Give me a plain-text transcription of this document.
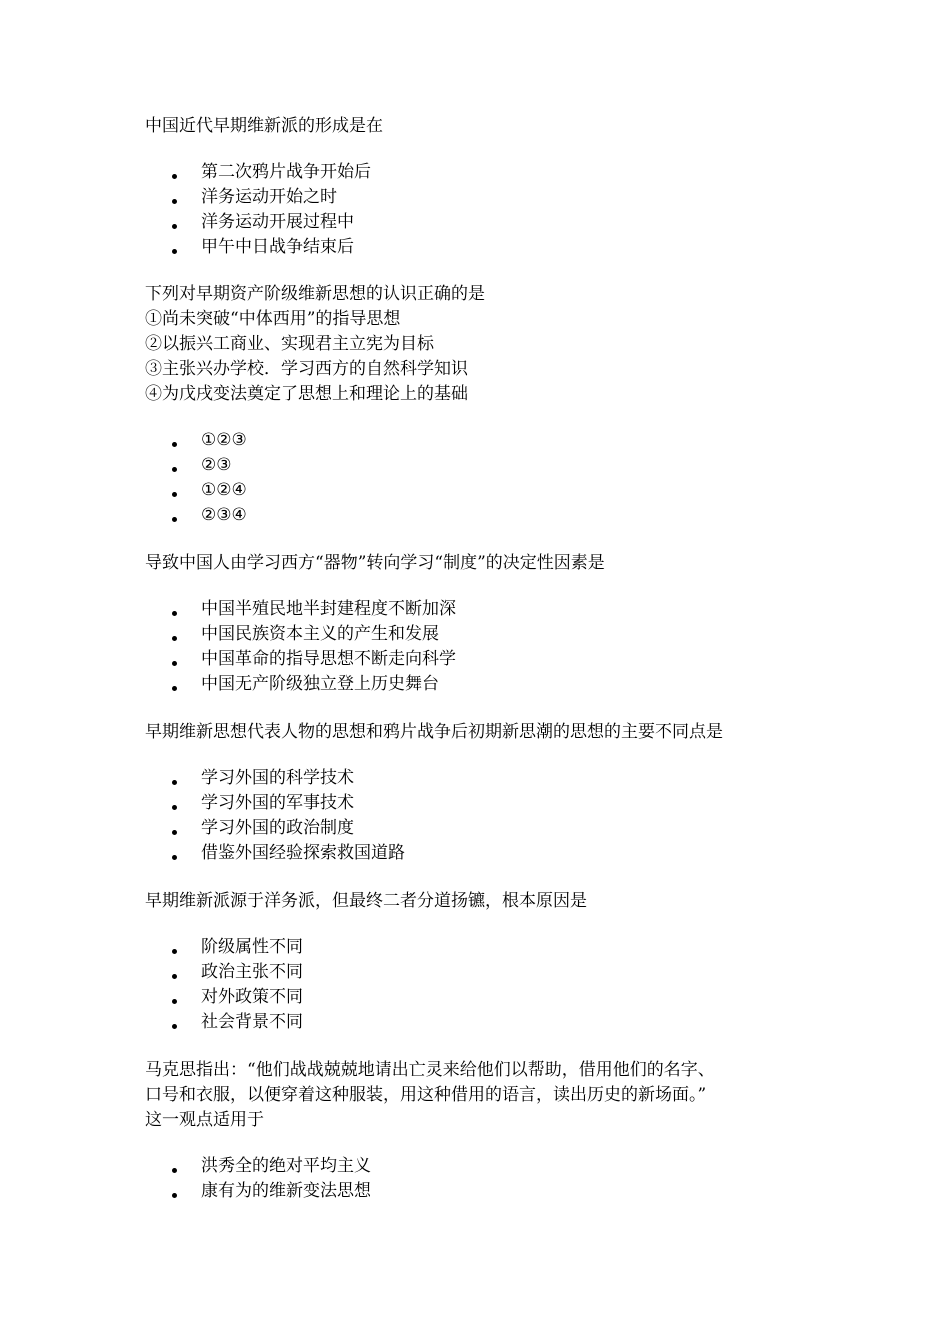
中国近代早期维新派的形成是在

第二次鸦片战争开始后
洋务运动开始之时
洋务运动开展过程中
甲午中日战争结束后

下列对早期资产阶级维新思想的认识正确的是
①尚未突破“中体西用”的指导思想
②以振兴工商业、实现君主立宪为目标
③主张兴办学校．学习西方的自然科学知识
④为戊戌变法奠定了思想上和理论上的基础

①②③
②③
①②④
②③④

导致中国人由学习西方“器物”转向学习“制度”的决定性因素是

中国半殖民地半封建程度不断加深
中国民族资本主义的产生和发展
中国革命的指导思想不断走向科学
中国无产阶级独立登上历史舞台

早期维新思想代表人物的思想和鸦片战争后初期新思潮的思想的主要不同点是

学习外国的科学技术
学习外国的军事技术
学习外国的政治制度
借鉴外国经验探索救国道路

早期维新派源于洋务派，但最终二者分道扬镳，根本原因是

阶级属性不同
政治主张不同
对外政策不同
社会背景不同

马克思指出：“他们战战兢兢地请出亡灵来给他们以帮助，借用他们的名字、
口号和衣服，以便穿着这种服装，用这种借用的语言，读出历史的新场面。”
这一观点适用于

洪秀全的绝对平均主义
康有为的维新变法思想
